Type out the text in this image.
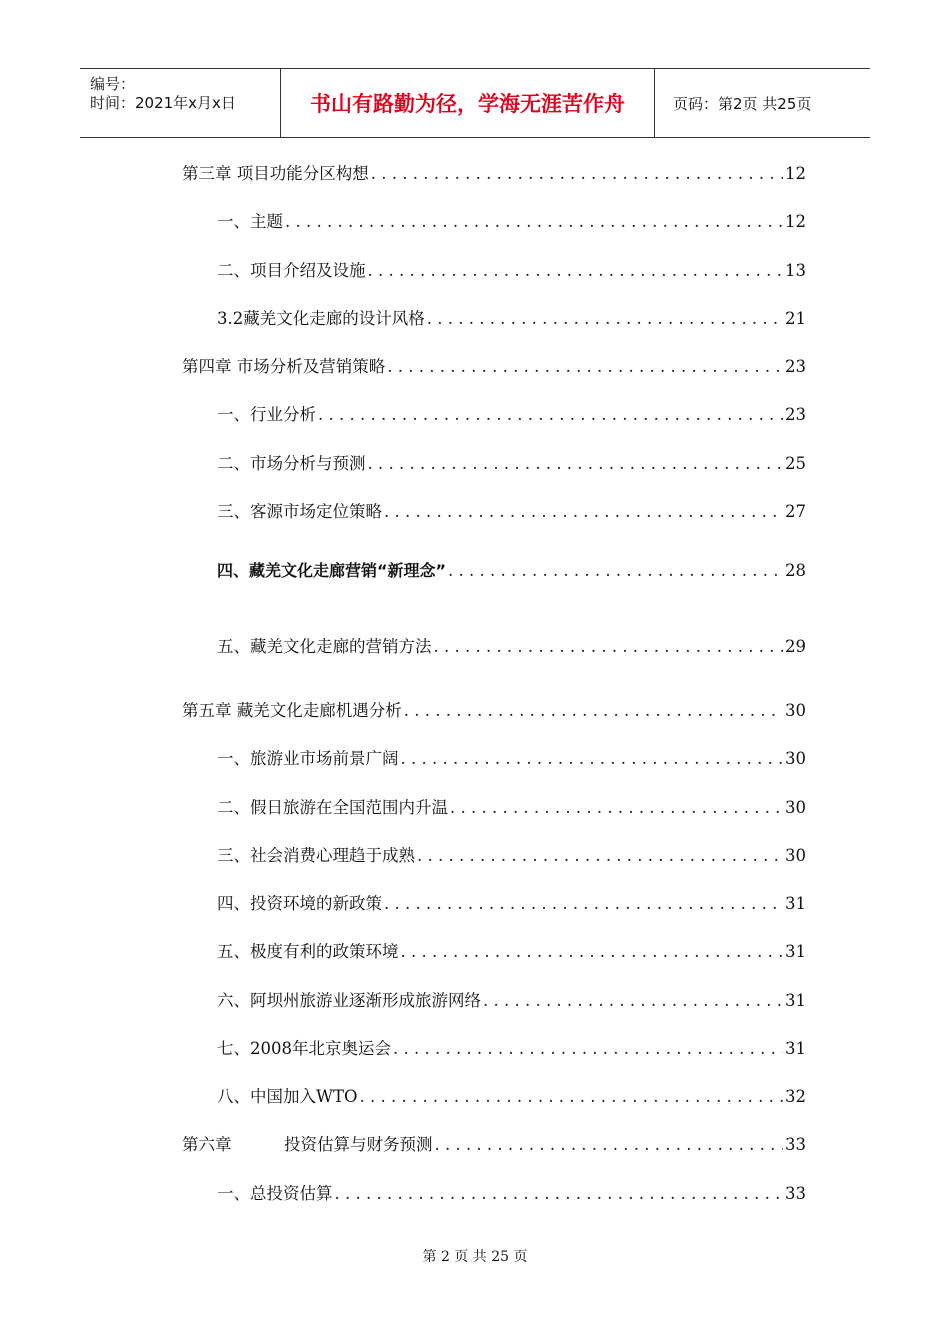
编号：
时间：2021年x月x日	书山有路勤为径，学海无涯苦作舟	页码：第2页 共25页
第三章 项目功能分区构想 . . .	12
一、主题 . . .	12
二、项目介绍及设施 . . .	13
3.2藏羌文化走廊的设计风格 . . .	21
第四章 市场分析及营销策略 . . .	23
一、行业分析 . . .	23
二、市场分析与预测 . . .	25
三、客源市场定位策略 . . .	27
四、藏羌文化走廊营销“新理念” . . .	28
五、藏羌文化走廊的营销方法 . . .	29
第五章 藏羌文化走廊机遇分析 . . .	30
一、旅游业市场前景广阔 . . .	30
二、假日旅游在全国范围内升温 . . .	30
三、社会消费心理趋于成熟 . . .	30
四、投资环境的新政策 . . .	31
五、极度有利的政策环境 . . .	31
六、阿坝州旅游业逐渐形成旅游网络 . . .	31
七、2008年北京奥运会 . . .	31
八、中国加入WTO . . .	32
第六章          投资估算与财务预测 . . .	33
一、总投资估算 . . .	33
第 2 页 共 25 页
